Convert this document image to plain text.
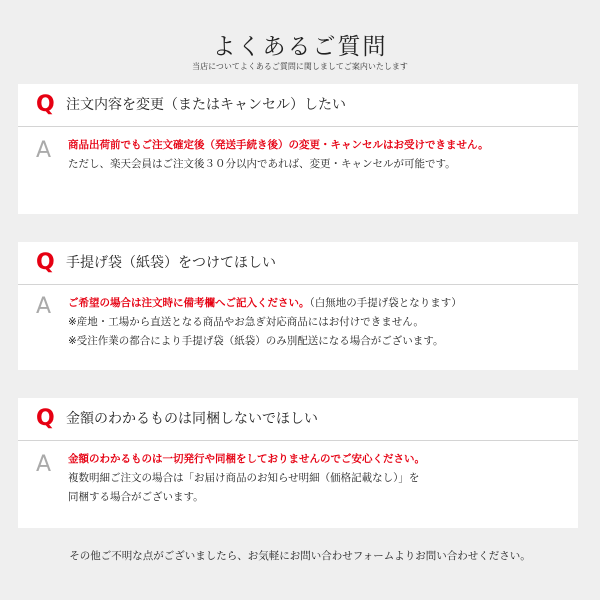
よくあるご質問
当店についてよくあるご質問に関しましてご案内いたします
Q 注文内容を変更（またはキャンセル）したい
A 商品出荷前でもご注文確定後（発送手続き後）の変更・キャンセルはお受けできません。
ただし、楽天会員はご注文後３０分以内であれば、変更・キャンセルが可能です。
Q 手提げ袋（紙袋）をつけてほしい
A ご希望の場合は注文時に備考欄へご記入ください。（白無地の手提げ袋となります）
※産地・工場から直送となる商品やお急ぎ対応商品にはお付けできません。
※受注作業の都合により手提げ袋（紙袋）のみ別配送になる場合がございます。
Q 金額のわかるものは同梱しないでほしい
A 金額のわかるものは一切発行や同梱をしておりませんのでご安心ください。
複数明細ご注文の場合は「お届け商品のお知らせ明細（価格記載なし）」を
同梱する場合がございます。
その他ご不明な点がございましたら、お気軽にお問い合わせフォームよりお問い合わせください。
